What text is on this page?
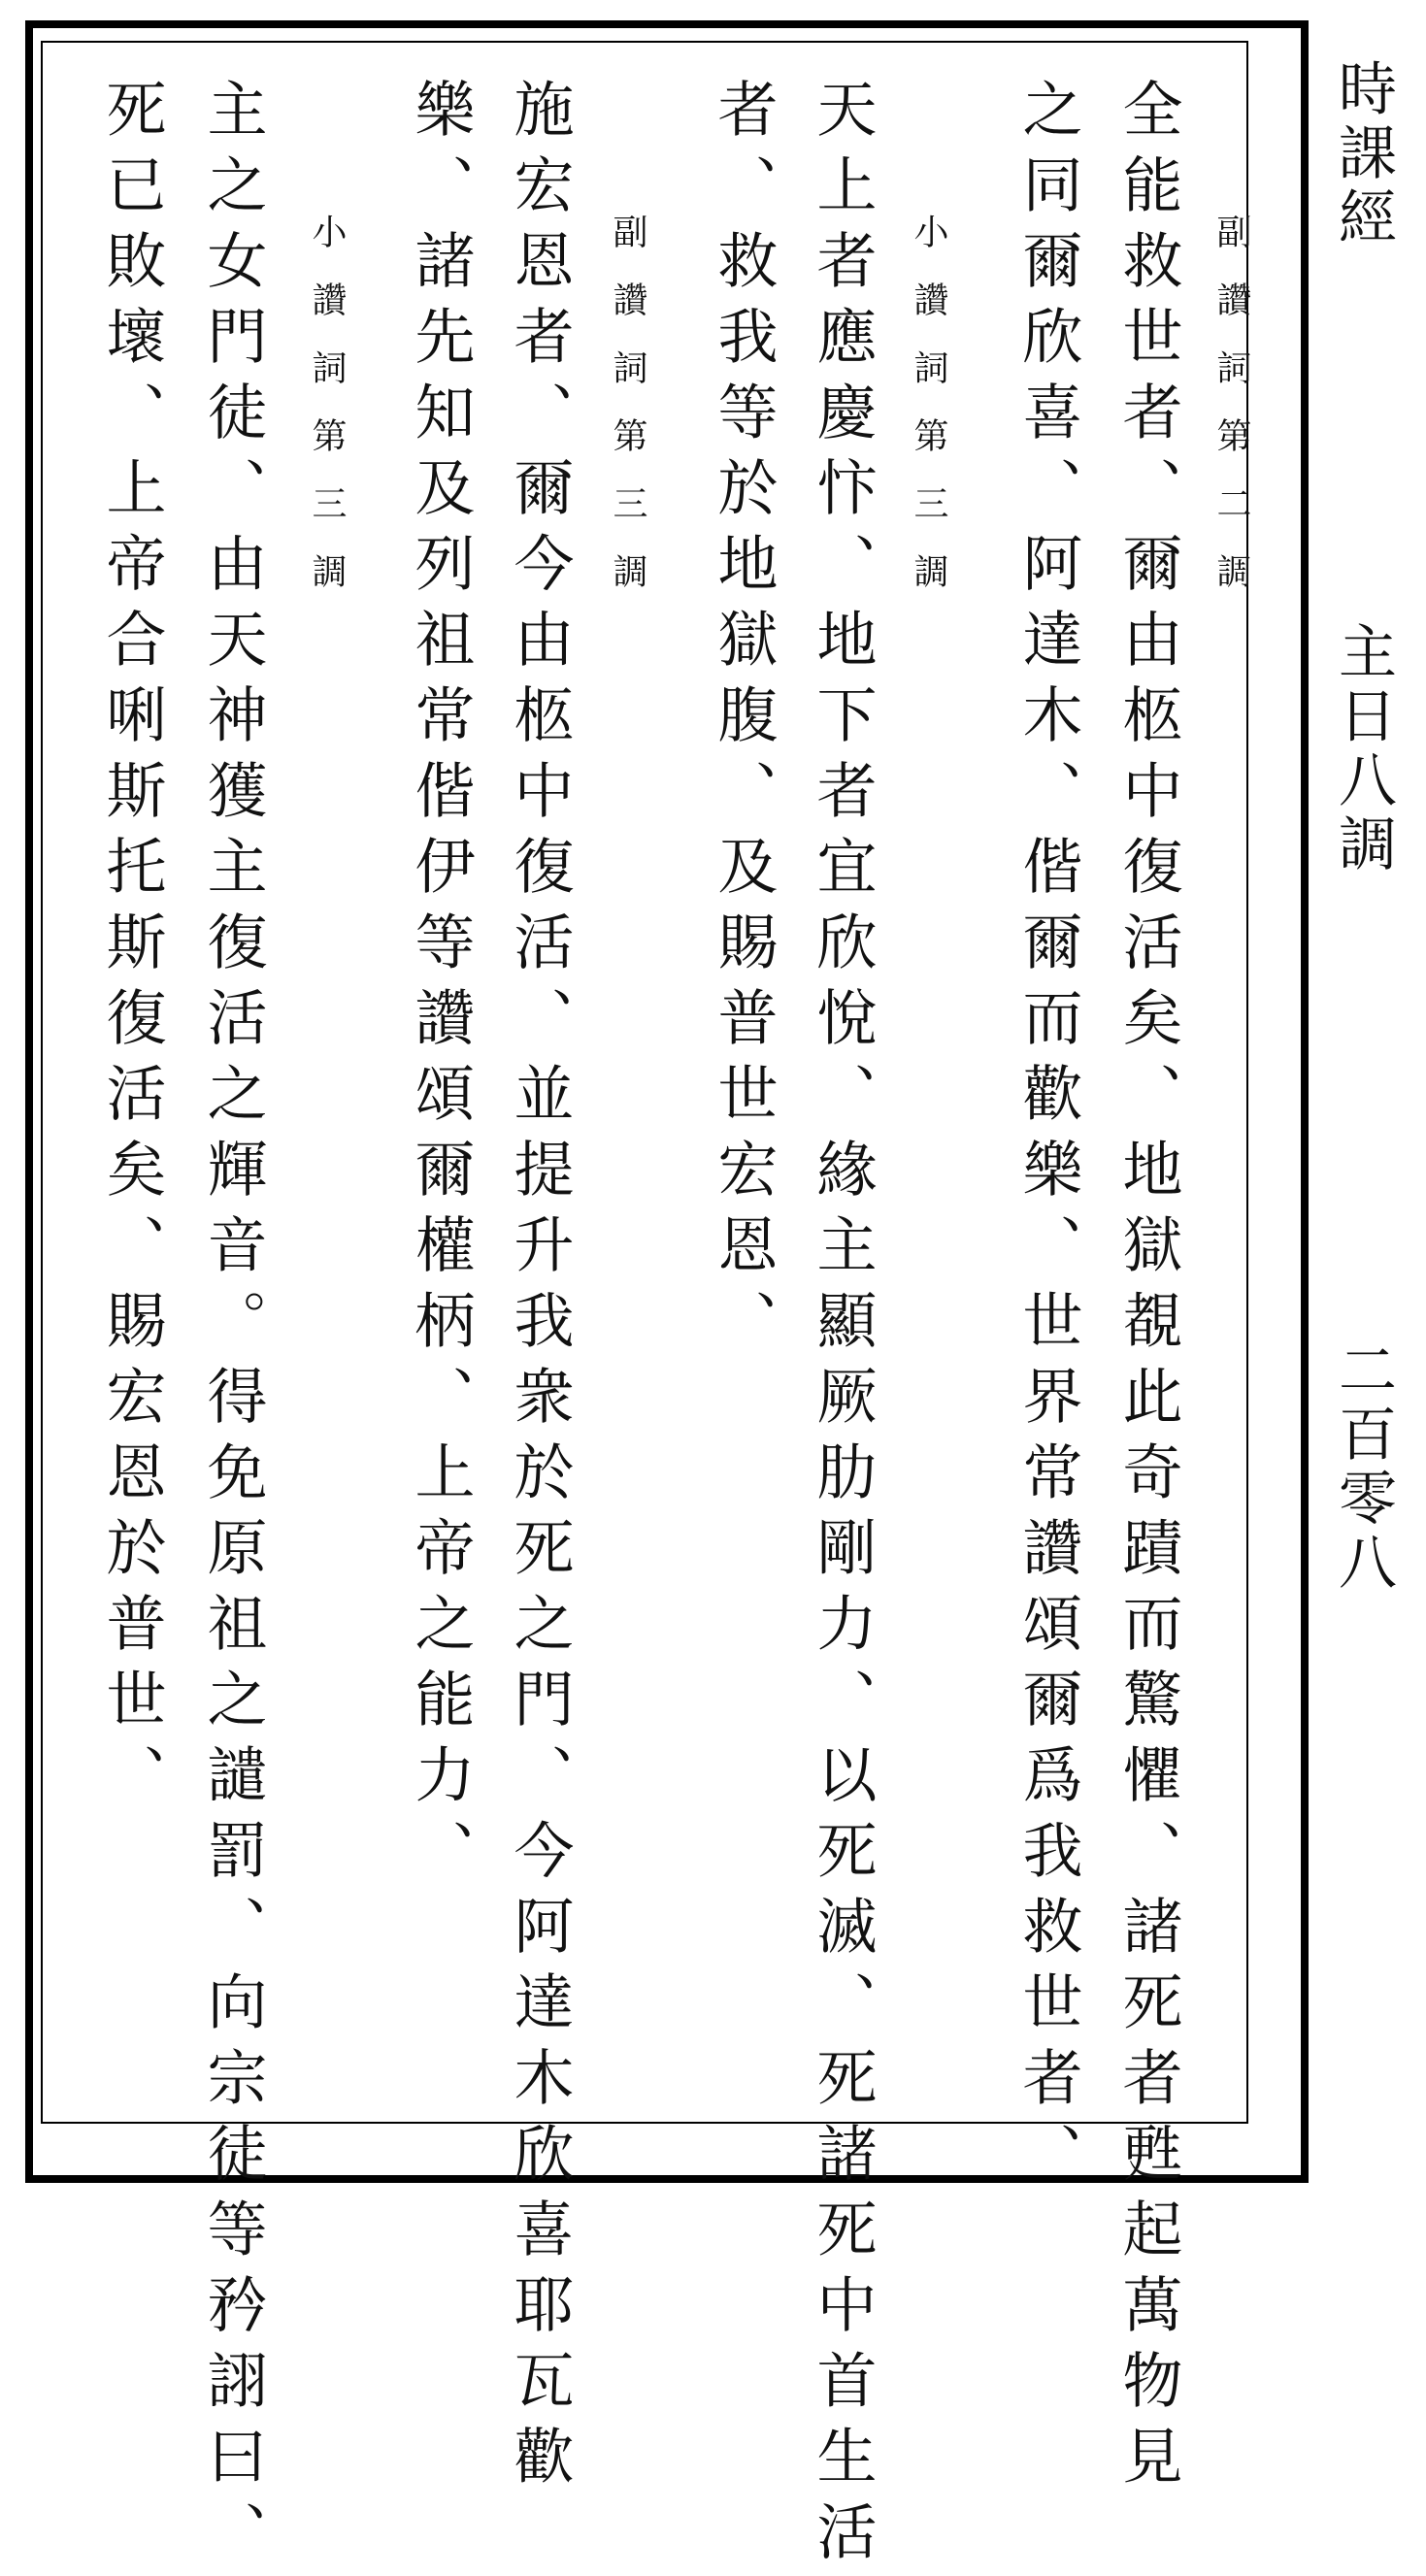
時課經
主日八調
二百零八
副讚詞第二調
小讚詞第三調
副讚詞第三調
小讚詞第三調	全能救世者、爾由柩中復活矣、地獄覩此奇蹟而驚懼、諸死者甦起萬物見
之同爾欣喜、阿達木、偕爾而歡樂、世界常讚頌爾爲我救世者、
天上者應慶忭、地下者宜欣悅、緣主顯厥肋剛力、以死滅、死諸死中首生活
者、救我等於地獄腹、及賜普世宏恩、
施宏恩者、爾今由柩中復活、並提升我衆於死之門、今阿達木欣喜耶瓦歡
樂、諸先知及列祖常偕伊等讚頌爾權柄、上帝之能力、
主之女門徒、由天神獲主復活之輝音。得免原祖之譴罰、向宗徒等矜詡曰、
死已敗壞、上帝合唎斯托斯復活矣、賜宏恩於普世、
